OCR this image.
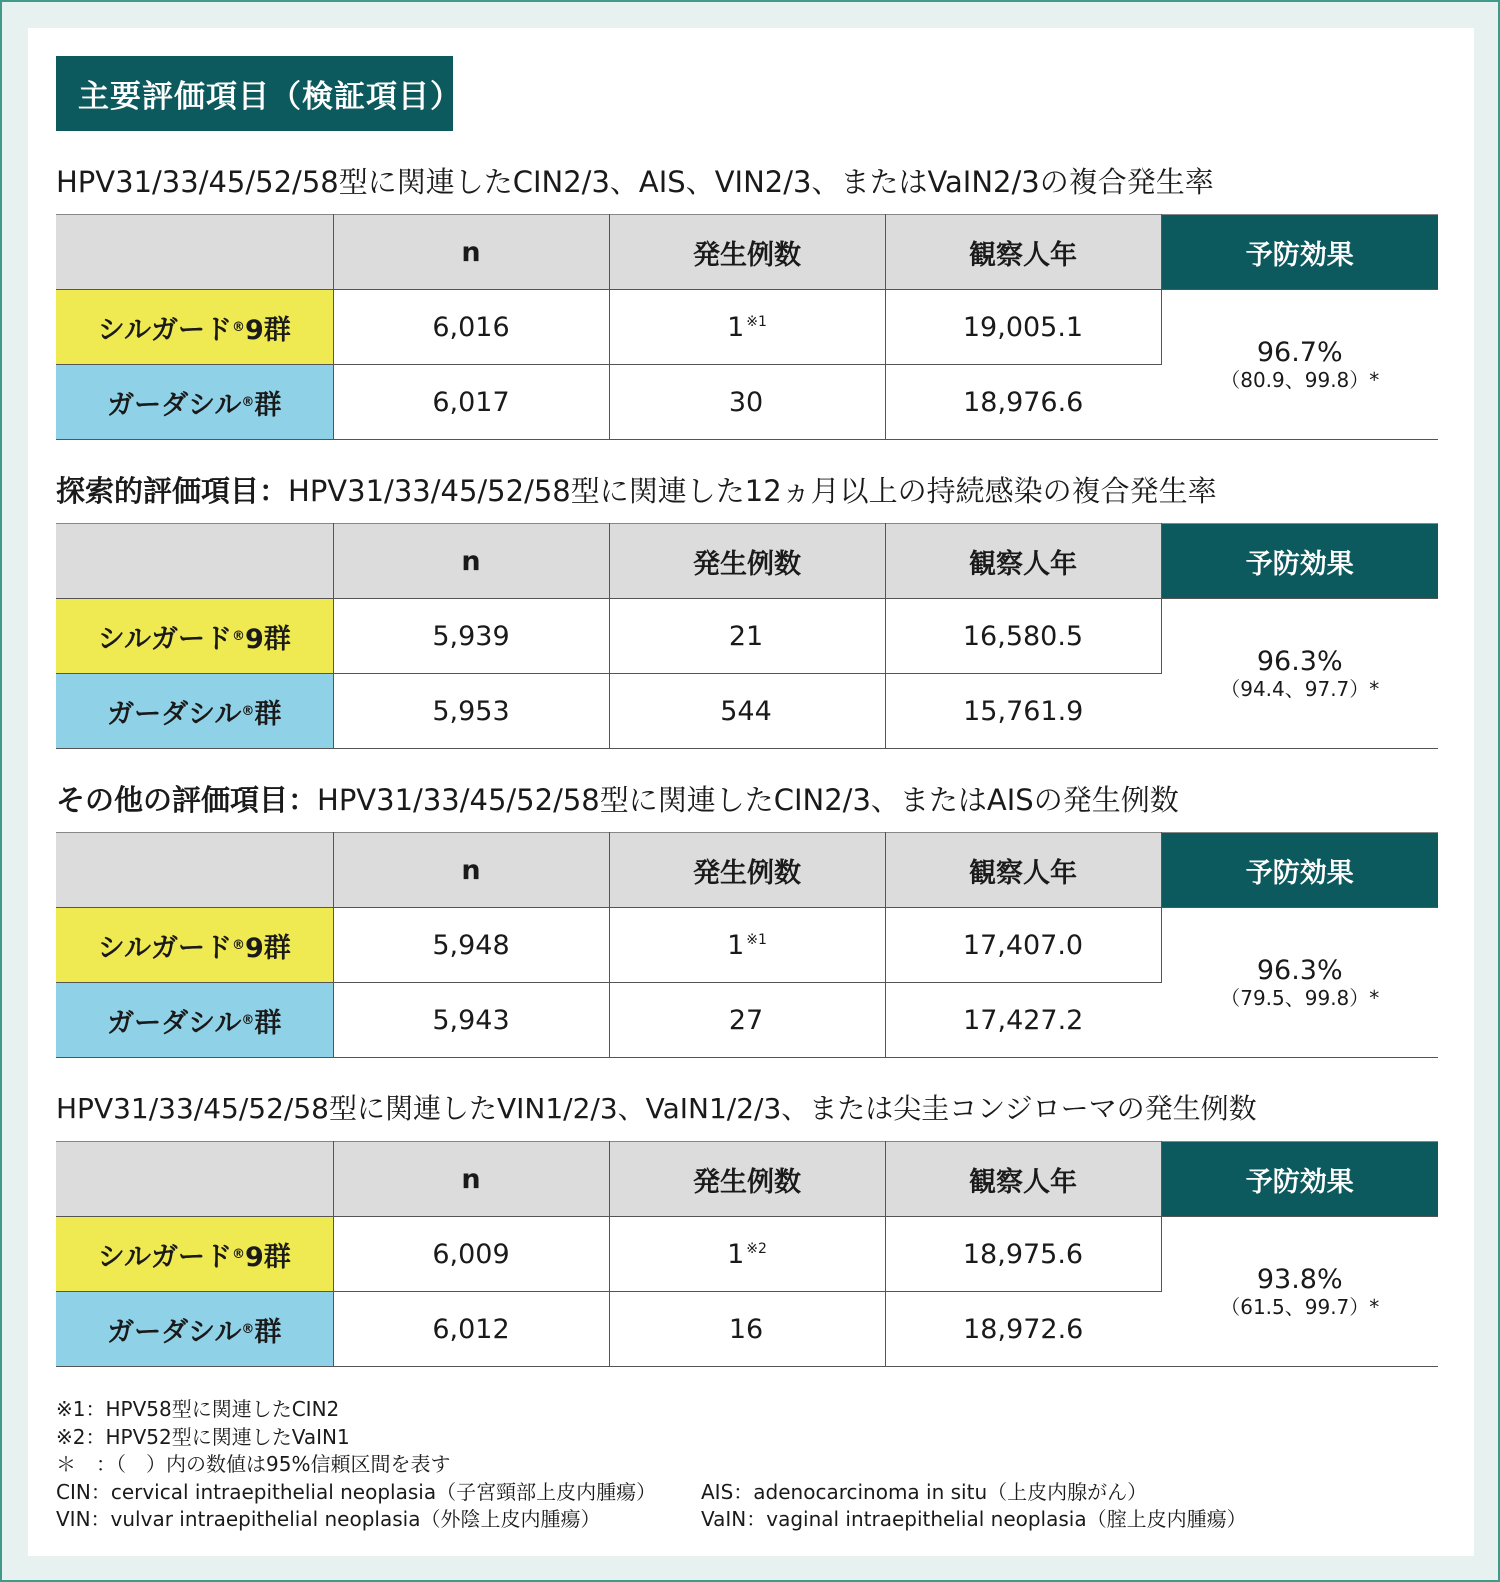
主要評価項目（検証項目）
HPV31/33/45/52/58型に関連したCIN2/3、AIS、VIN2/3、またはVaIN2/3の複合発生率
	n	発生例数	観察人年	予防効果
シルガード®9群	6,016	1 $^{※1}$	19,005.1	96.7%
（80.9、99.8）*

ガーダシル®群	6,017	30	18,976.6	
探索的評価項目：HPV31/33/45/52/58型に関連した12ヵ月以上の持続感染の複合発生率
	n	発生例数	観察人年	予防効果
シルガード®9群	5,939	21	16,580.5	96.3%
（94.4、97.7）*

ガーダシル®群	5,953	544	15,761.9	
その他の評価項目：HPV31/33/45/52/58型に関連したCIN2/3、またはAISの発生例数
	n	発生例数	観察人年	予防効果
シルガード®9群	5,948	1 $^{※1}$	17,407.0	96.3%
（79.5、99.8）*

ガーダシル®群	5,943	27	17,427.2	
HPV31/33/45/52/58型に関連したVIN1/2/3、VaIN1/2/3、または尖圭コンジローマの発生例数
	n	発生例数	観察人年	予防効果
シルガード®9群	6,009	1 $^{※2}$	18,975.6	93.8%
（61.5、99.7）*

ガーダシル®群	6,012	16	18,972.6	
※1：HPV58型に関連したCIN2
※2：HPV52型に関連したVaIN1
＊　：（　）内の数値は95%信頼区間を表す
CIN：cervical intraepithelial neoplasia（子宮頸部上皮内腫瘍） AIS：adenocarcinoma in situ（上皮内腺がん）
VIN：vulvar intraepithelial neoplasia（外陰上皮内腫瘍）	VaIN：vaginal intraepithelial neoplasia（腟上皮内腫瘍）
